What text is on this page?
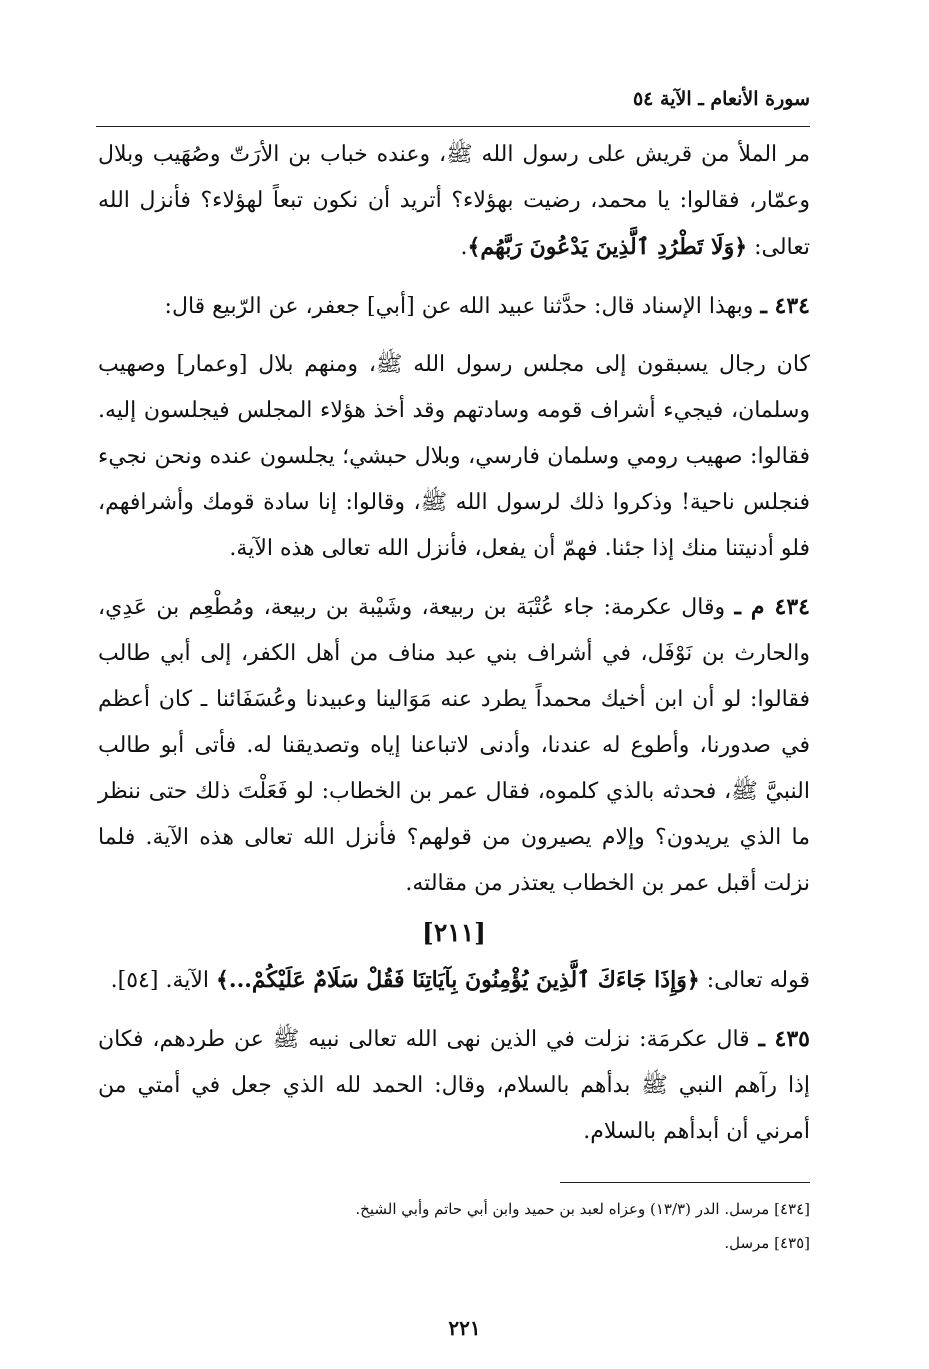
سورة الأنعام ـ الآية ٥٤

مر الملأ من قريش على رسول الله ﷺ، وعنده خباب بن الأرَتّ وصُهَيب وبلال وعمّار، فقالوا: يا محمد، رضيت بهؤلاء؟ أتريد أن نكون تبعاً لهؤلاء؟ فأنزل الله تعالى: ﴿وَلَا تَطْرُدِ ٱلَّذِينَ يَدْعُونَ رَبَّهُم﴾.

٤٣٤ ـ وبهذا الإسناد قال: حدَّثنا عبيد الله عن [أبي] جعفر، عن الرّبيع قال:

كان رجال يسبقون إلى مجلس رسول الله ﷺ، ومنهم بلال [وعمار] وصهيب وسلمان، فيجيء أشراف قومه وسادتهم وقد أخذ هؤلاء المجلس فيجلسون إليه. فقالوا: صهيب رومي وسلمان فارسي، وبلال حبشي؛ يجلسون عنده ونحن نجيء فنجلس ناحية! وذكروا ذلك لرسول الله ﷺ، وقالوا: إنا سادة قومك وأشرافهم، فلو أدنيتنا منك إذا جئنا. فهمّ أن يفعل، فأنزل الله تعالى هذه الآية.

٤٣٤ م ـ وقال عكرمة: جاء عُتْبَة بن ربيعة، وشَيْبة بن ربيعة، ومُطْعِم بن عَدِي، والحارث بن نَوْفَل، في أشراف بني عبد مناف من أهل الكفر، إلى أبي طالب فقالوا: لو أن ابن أخيك محمداً يطرد عنه مَوَالينا وعبيدنا وعُسَفَائنا ـ كان أعظم في صدورنا، وأطوع له عندنا، وأدنى لاتباعنا إياه وتصديقنا له. فأتى أبو طالب النبيَّ ﷺ، فحدثه بالذي كلموه، فقال عمر بن الخطاب: لو فَعَلْتَ ذلك حتى ننظر ما الذي يريدون؟ وإلام يصيرون من قولهم؟ فأنزل الله تعالى هذه الآية. فلما نزلت أقبل عمر بن الخطاب يعتذر من مقالته.

[٢١١]

قوله تعالى: ﴿وَإِذَا جَاءَكَ ٱلَّذِينَ يُؤْمِنُونَ بِآيَاتِنَا فَقُلْ سَلَامٌ عَلَيْكُمْ...﴾ الآية. [٥٤].

٤٣٥ ـ قال عكرمَة: نزلت في الذين نهى الله تعالى نبيه ﷺ عن طردهم، فكان إذا رآهم النبي ﷺ بدأهم بالسلام، وقال: الحمد لله الذي جعل في أمتي من أمرني أن أبدأهم بالسلام.

[٤٣٤] مرسل. الدر (١٣/٣) وعزاه لعبد بن حميد وابن أبي حاتم وأبي الشيخ.

[٤٣٥] مرسل.

٢٢١
